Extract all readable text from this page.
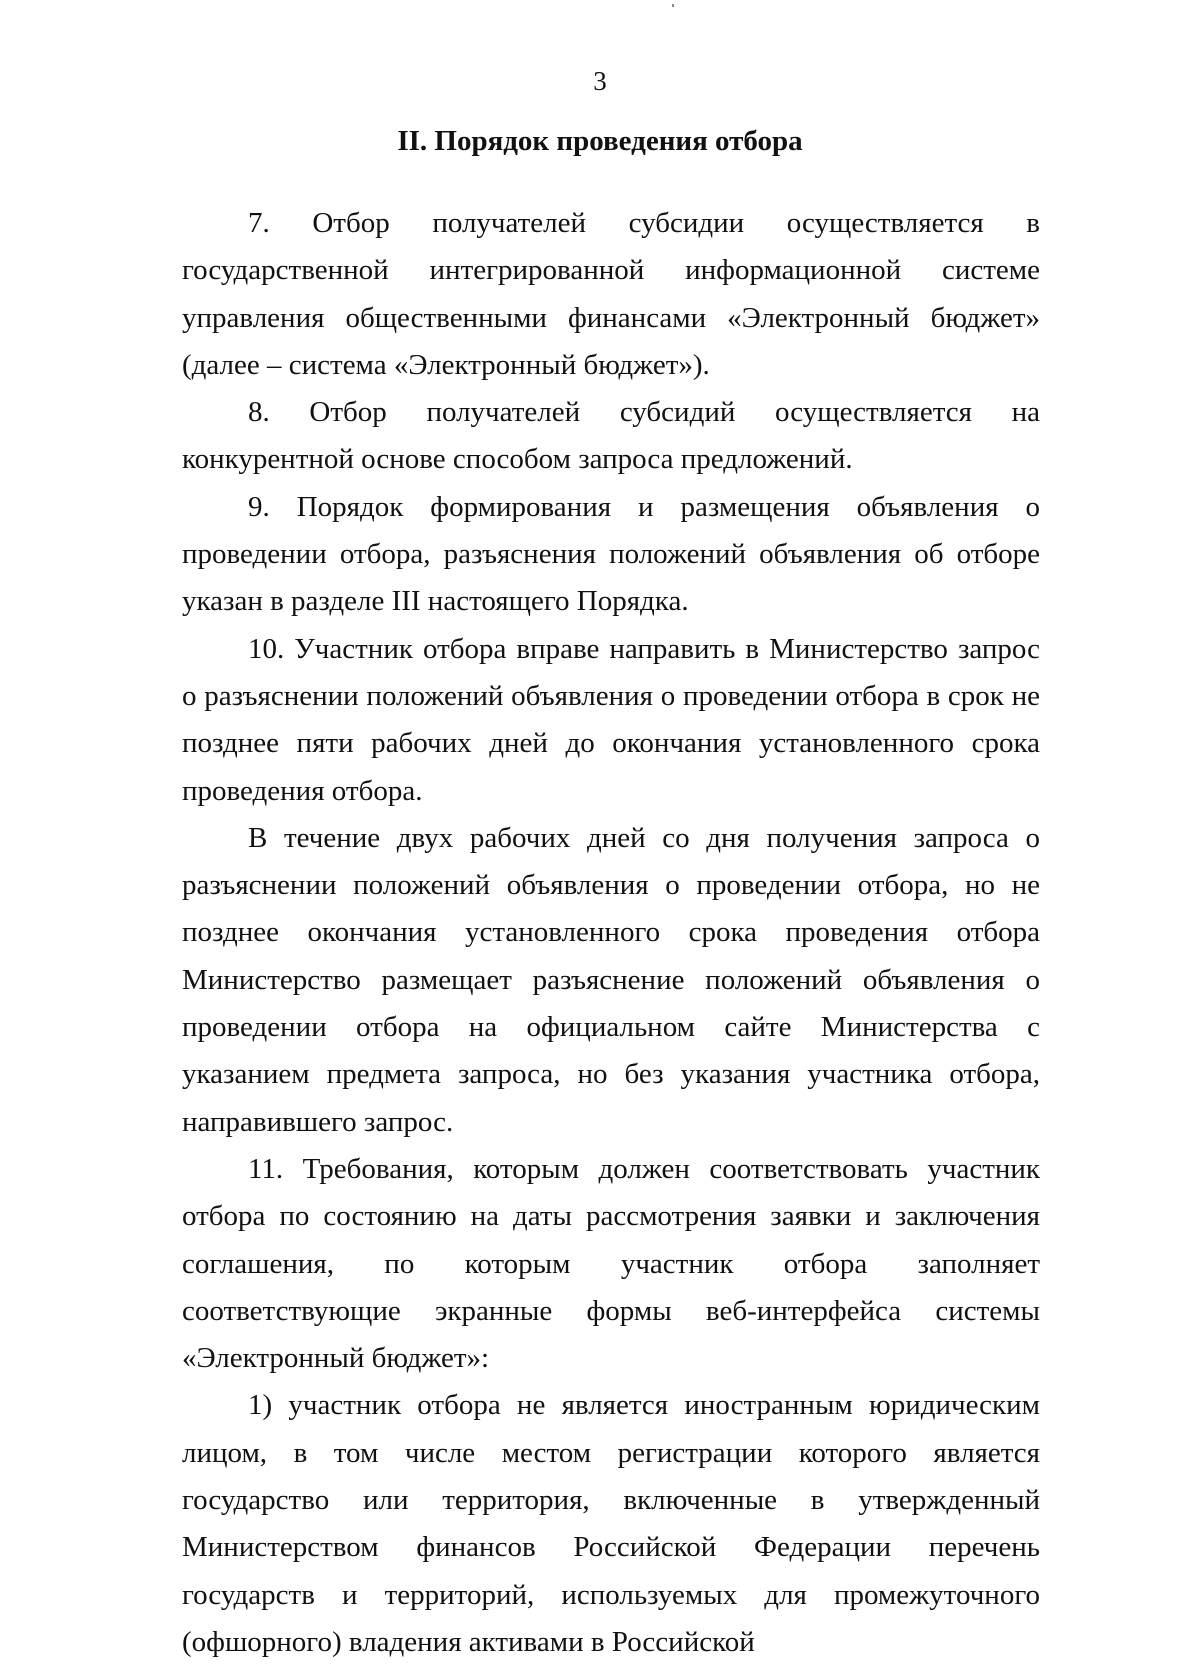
3
II. Порядок проведения отбора

7. Отбор получателей субсидии осуществляется в государственной интегрированной информационной системе управления общественными финансами «Электронный бюджет» (далее – система «Электронный бюджет»).

8. Отбор получателей субсидий осуществляется на конкурентной основе способом запроса предложений.

9. Порядок формирования и размещения объявления о проведении отбора, разъяснения положений объявления об отборе указан в разделе III настоящего Порядка.

10. Участник отбора вправе направить в Министерство запрос о разъяснении положений объявления о проведении отбора в срок не позднее пяти рабочих дней до окончания установленного срока проведения отбора.

В течение двух рабочих дней со дня получения запроса о разъяснении положений объявления о проведении отбора, но не позднее окончания установленного срока проведения отбора Министерство размещает разъяснение положений объявления о проведении отбора на официальном сайте Министерства с указанием предмета запроса, но без указания участника отбора, направившего запрос.

11. Требования, которым должен соответствовать участник отбора по состоянию на даты рассмотрения заявки и заключения соглашения, по которым участник отбора заполняет соответствующие экранные формы веб-интерфейса системы «Электронный бюджет»:

1) участник отбора не является иностранным юридическим лицом, в том числе местом регистрации которого является государство или территория, включенные в утвержденный Министерством финансов Российской Федерации перечень государств и территорий, используемых для промежуточного (офшорного) владения активами в Российской
